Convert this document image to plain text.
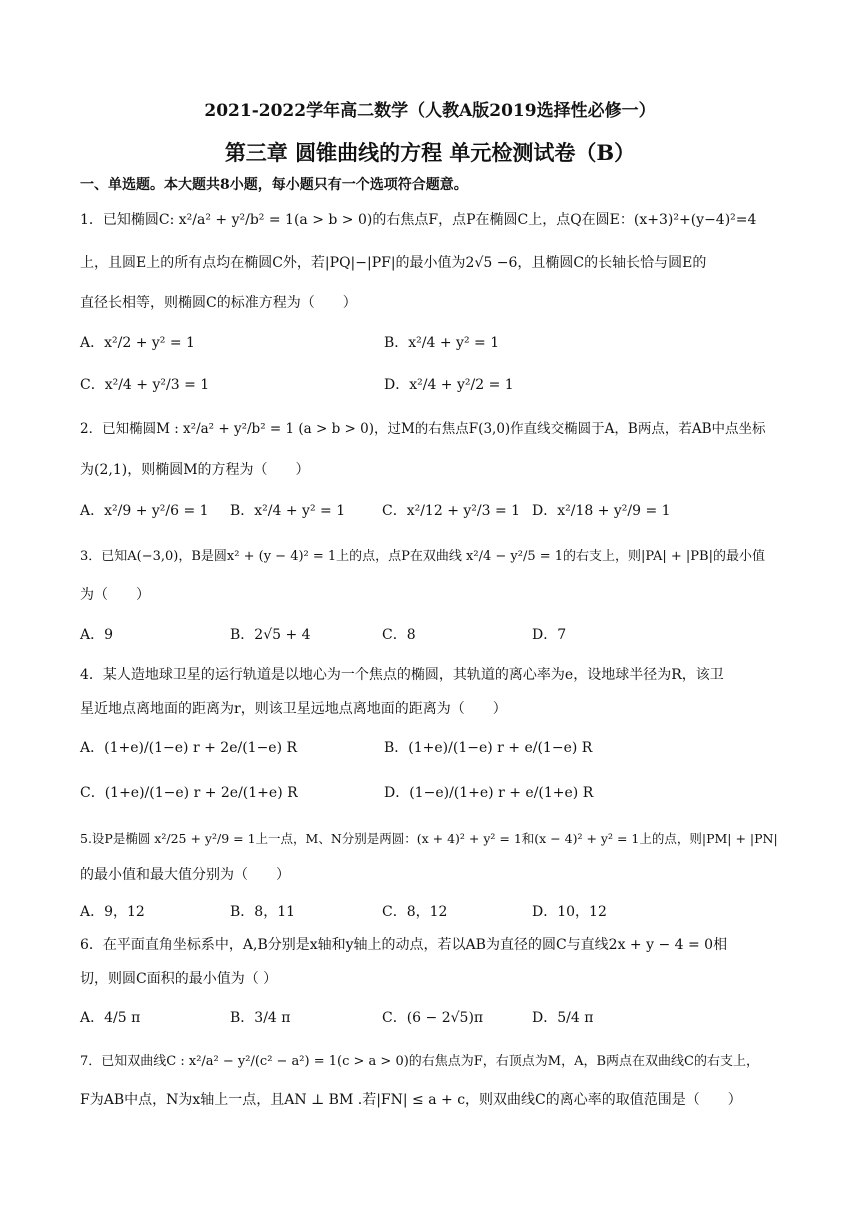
2021-2022学年高二数学（人教A版2019选择性必修一）
第三章 圆锥曲线的方程 单元检测试卷（B）
一、单选题。本大题共8小题，每小题只有一个选项符合题意。
1．已知椭圆C: x²/a² + y²/b² = 1(a > b > 0)的右焦点F，点P在椭圆C上，点Q在圆E：(x+3)²+(y−4)²=4
上，且圆E上的所有点均在椭圆C外，若|PQ|−|PF|的最小值为2√5 −6，且椭圆C的长轴长恰与圆E的
直径长相等，则椭圆C的标准方程为（　　）
A．x²/2 + y² = 1	B．x²/4 + y² = 1
C．x²/4 + y²/3 = 1	D．x²/4 + y²/2 = 1
2．已知椭圆M : x²/a² + y²/b² = 1 (a > b > 0)，过M的右焦点F(3,0)作直线交椭圆于A，B两点，若AB中点坐标
为(2,1)，则椭圆M的方程为（　　）
A．x²/9 + y²/6 = 1 B．x²/4 + y² = 1	C．x²/12 + y²/3 = 1 D．x²/18 + y²/9 = 1
3．已知A(−3,0)，B是圆x² + (y − 4)² = 1上的点，点P在双曲线 x²/4 − y²/5 = 1的右支上，则|PA| + |PB|的最小值
为（　　）
A．9	B．2√5 + 4	C．8	D．7
4．某人造地球卫星的运行轨道是以地心为一个焦点的椭圆，其轨道的离心率为e，设地球半径为R，该卫
星近地点离地面的距离为r，则该卫星远地点离地面的距离为（　　）
A．(1+e)/(1−e) r + 2e/(1−e) R	B．(1+e)/(1−e) r + e/(1−e) R
C．(1+e)/(1−e) r + 2e/(1+e) R	D．(1−e)/(1+e) r + e/(1+e) R
5.设P是椭圆 x²/25 + y²/9 = 1上一点，M、N分别是两圆：(x + 4)² + y² = 1和(x − 4)² + y² = 1上的点，则|PM| + |PN|
的最小值和最大值分别为（　　）
A．9，12	B．8，11	C．8，12	D．10，12
6．在平面直角坐标系中，A,B分别是x轴和y轴上的动点，若以AB为直径的圆C与直线2x + y − 4 = 0相
切，则圆C面积的最小值为（ ）
A．4/5 π	B．3/4 π	C．(6 − 2√5)π	D．5/4 π
7．已知双曲线C : x²/a² − y²/(c² − a²) = 1(c > a > 0)的右焦点为F，右顶点为M，A，B两点在双曲线C的右支上，
F为AB中点，N为x轴上一点，且AN ⊥ BM .若|FN| ≤ a + c，则双曲线C的离心率的取值范围是（　　）
